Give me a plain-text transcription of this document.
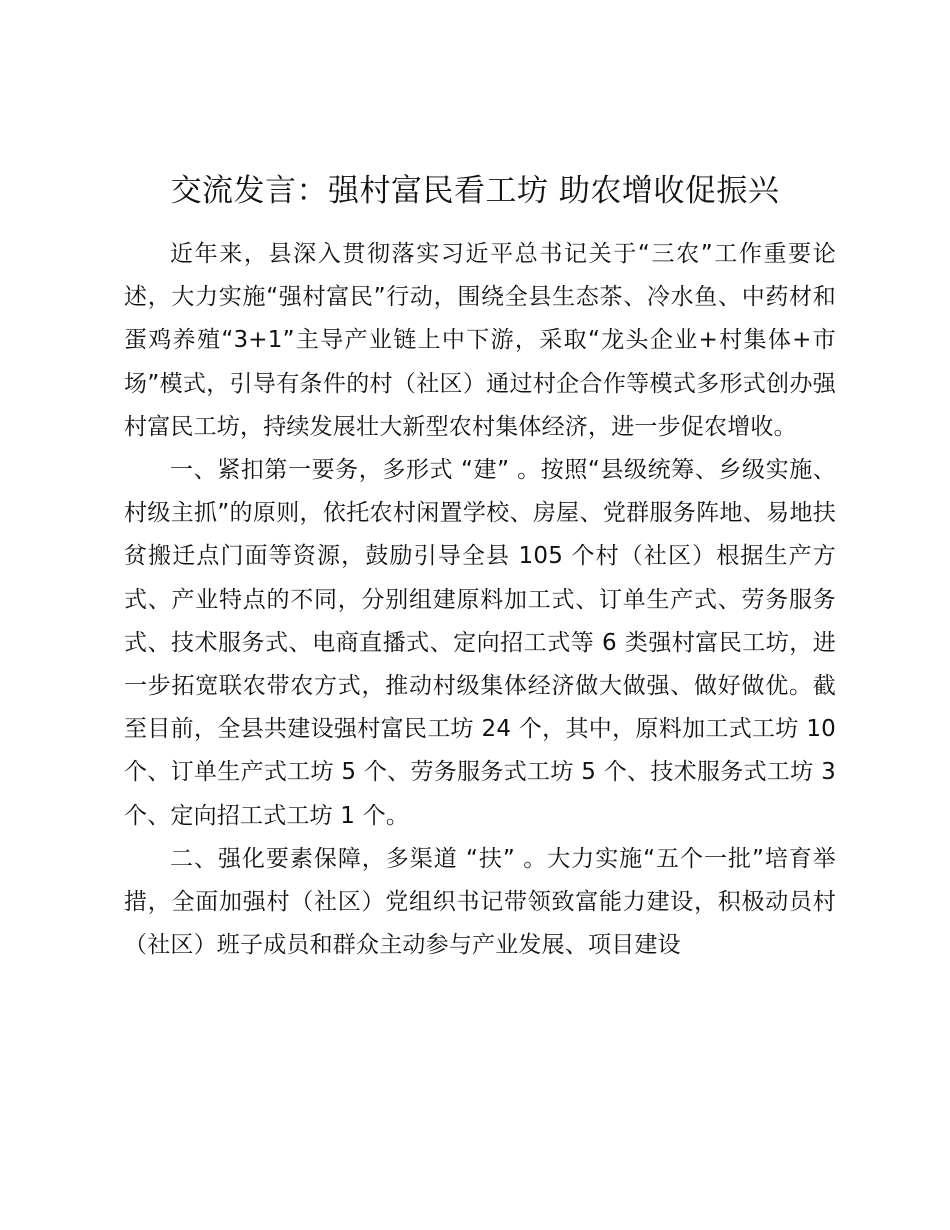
交流发言：强村富民看工坊 助农增收促振兴

近年来，县深入贯彻落实习近平总书记关于“三农”工作重要论述，大力实施“强村富民”行动，围绕全县生态茶、冷水鱼、中药材和蛋鸡养殖“3+1”主导产业链上中下游，采取“龙头企业+村集体+市场”模式，引导有条件的村（社区）通过村企合作等模式多形式创办强村富民工坊，持续发展壮大新型农村集体经济，进一步促农增收。

一、紧扣第一要务，多形式 “建” 。按照“县级统筹、乡级实施、村级主抓”的原则，依托农村闲置学校、房屋、党群服务阵地、易地扶贫搬迁点门面等资源，鼓励引导全县 105 个村（社区）根据生产方式、产业特点的不同，分别组建原料加工式、订单生产式、劳务服务式、技术服务式、电商直播式、定向招工式等 6 类强村富民工坊，进一步拓宽联农带农方式，推动村级集体经济做大做强、做好做优。截至目前，全县共建设强村富民工坊 24 个，其中，原料加工式工坊 10 个、订单生产式工坊 5 个、劳务服务式工坊 5 个、技术服务式工坊 3 个、定向招工式工坊 1 个。

二、强化要素保障，多渠道 “扶” 。大力实施“五个一批”培育举措，全面加强村（社区）党组织书记带领致富能力建设，积极动员村（社区）班子成员和群众主动参与产业发展、项目建设
